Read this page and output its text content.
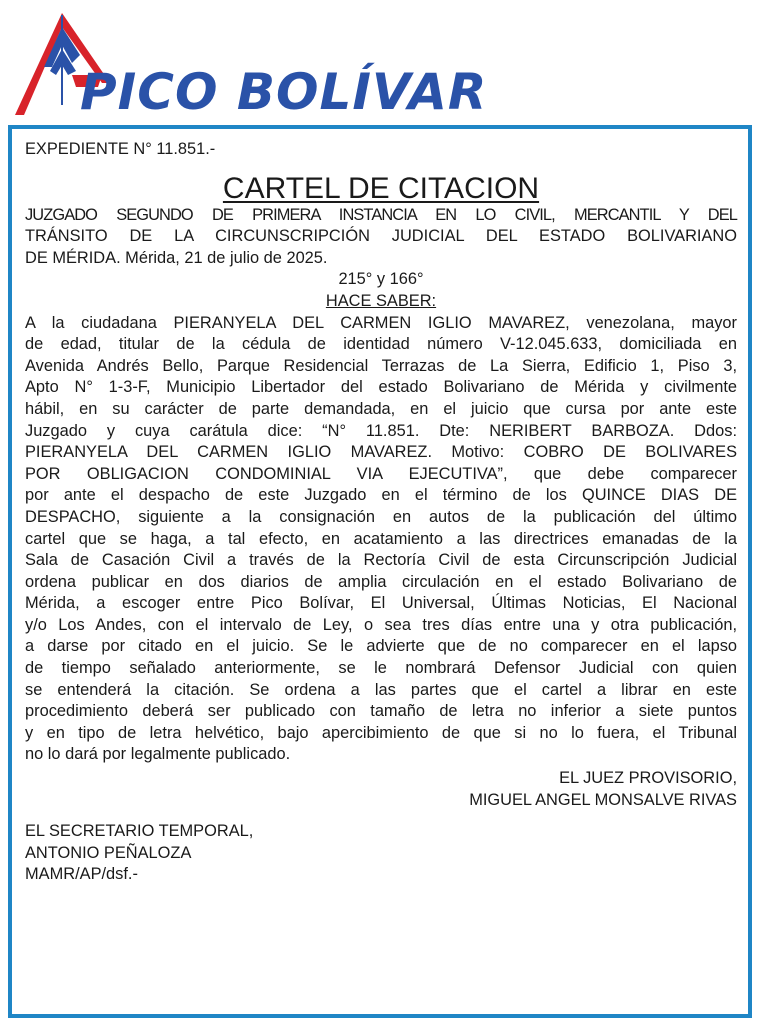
PICO BOLÍVAR
EXPEDIENTE N° 11.851.-
CARTEL DE CITACION
JUZGADO SEGUNDO DE PRIMERA INSTANCIA EN LO CIVIL, MERCANTIL Y DEL
TRÁNSITO DE LA CIRCUNSCRIPCIÓN JUDICIAL DEL ESTADO BOLIVARIANO
DE MÉRIDA. Mérida, 21 de julio de 2025.
215° y 166°
HACE SABER:
A la ciudadana PIERANYELA DEL CARMEN IGLIO MAVAREZ, venezolana, mayor
de edad, titular de la cédula de identidad número V-12.045.633, domiciliada en
Avenida Andrés Bello, Parque Residencial Terrazas de La Sierra, Edificio 1, Piso 3,
Apto N° 1-3-F, Municipio Libertador del estado Bolivariano de Mérida y civilmente
hábil, en su carácter de parte demandada, en el juicio que cursa por ante este
Juzgado y cuya carátula dice: “N° 11.851. Dte: NERIBERT BARBOZA. Ddos:
PIERANYELA DEL CARMEN IGLIO MAVAREZ. Motivo: COBRO DE BOLIVARES
POR OBLIGACION CONDOMINIAL VIA EJECUTIVA”, que debe comparecer
por ante el despacho de este Juzgado en el término de los QUINCE DIAS DE
DESPACHO, siguiente a la consignación en autos de la publicación del último
cartel que se haga, a tal efecto, en acatamiento a las directrices emanadas de la
Sala de Casación Civil a través de la Rectoría Civil de esta Circunscripción Judicial
ordena publicar en dos diarios de amplia circulación en el estado Bolivariano de
Mérida, a escoger entre Pico Bolívar, El Universal, Últimas Noticias, El Nacional
y/o Los Andes, con el intervalo de Ley, o sea tres días entre una y otra publicación,
a darse por citado en el juicio. Se le advierte que de no comparecer en el lapso
de tiempo señalado anteriormente, se le nombrará Defensor Judicial con quien
se entenderá la citación. Se ordena a las partes que el cartel a librar en este
procedimiento deberá ser publicado con tamaño de letra no inferior a siete puntos
y en tipo de letra helvético, bajo apercibimiento de que si no lo fuera, el Tribunal
no lo dará por legalmente publicado.
EL JUEZ PROVISORIO,
MIGUEL ANGEL MONSALVE RIVAS
EL SECRETARIO TEMPORAL,
ANTONIO PEÑALOZA
MAMR/AP/dsf.-
